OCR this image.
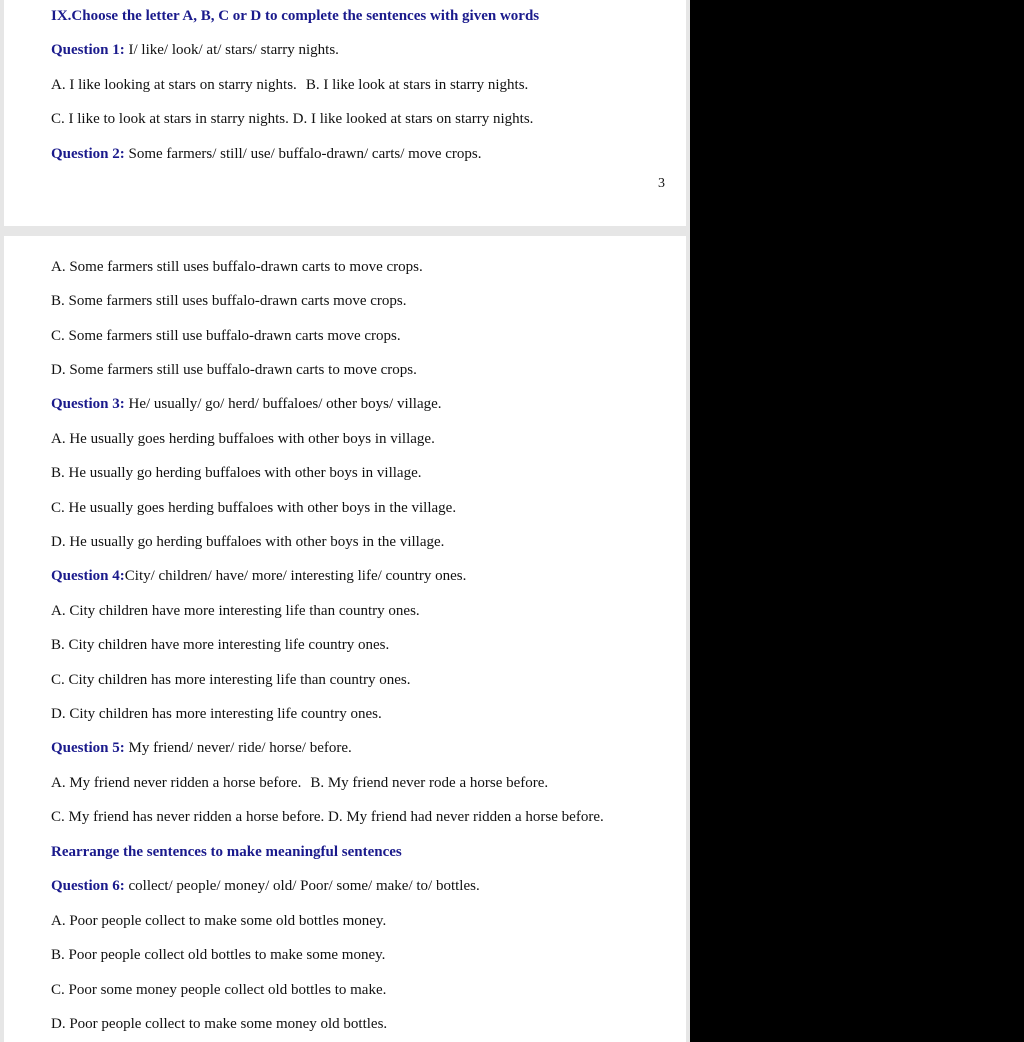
IX.Choose the letter A, B, C or D to complete the sentences with given words
Question 1: I/ like/ look/ at/ stars/ starry nights.
A. I like looking at stars on starry nights. B. I like look at stars in starry nights.
C. I like to look at stars in starry nights. D. I like looked at stars on starry nights.
Question 2: Some farmers/ still/ use/ buffalo-drawn/ carts/ move crops.
3
A. Some farmers still uses buffalo-drawn carts to move crops.
B. Some farmers still uses buffalo-drawn carts move crops.
C. Some farmers still use buffalo-drawn carts move crops.
D. Some farmers still use buffalo-drawn carts to move crops.
Question 3: He/ usually/ go/ herd/ buffaloes/ other boys/ village.
A. He usually goes herding buffaloes with other boys in village.
B. He usually go herding buffaloes with other boys in village.
C. He usually goes herding buffaloes with other boys in the village.
D. He usually go herding buffaloes with other boys in the village.
Question 4:City/ children/ have/ more/ interesting life/ country ones.
A. City children have more interesting life than country ones.
B. City children have more interesting life country ones.
C. City children has more interesting life than country ones.
D. City children has more interesting life country ones.
Question 5: My friend/ never/ ride/ horse/ before.
A. My friend never ridden a horse before. B. My friend never rode a horse before.
C. My friend has never ridden a horse before. D. My friend had never ridden a horse before.
Rearrange the sentences to make meaningful sentences
Question 6: collect/ people/ money/ old/ Poor/ some/ make/ to/ bottles.
A. Poor people collect to make some old bottles money.
B. Poor people collect old bottles to make some money.
C. Poor some money people collect old bottles to make.
D. Poor people collect to make some money old bottles.
